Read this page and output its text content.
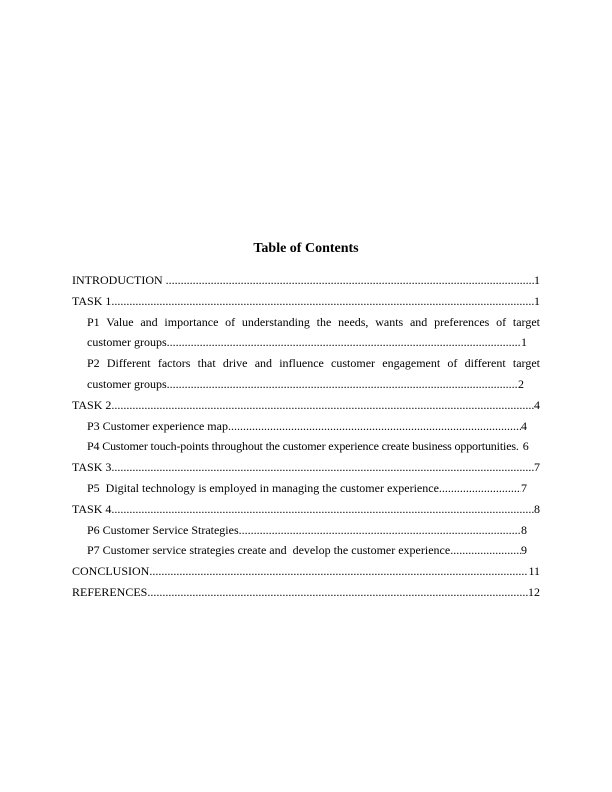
Table of Contents
INTRODUCTION .....	1
TASK 1 .....	1
P1 Value and importance of understanding the needs, wants and preferences of target
customer groups .....	1
P2 Different factors that drive and influence customer engagement of different target
customer groups .....	2
TASK 2 .....	4
P3 Customer experience map .....	4
P4 Customer touch-points throughout the customer experience create business opportunities. 6
TASK 3 .....	7
P5  Digital technology is employed in managing the customer experience .....	7
TASK 4 .....	8
P6 Customer Service Strategies .....	8
P7 Customer service strategies create and  develop the customer experience .....	9
CONCLUSION .....	11
REFERENCES .....	12
